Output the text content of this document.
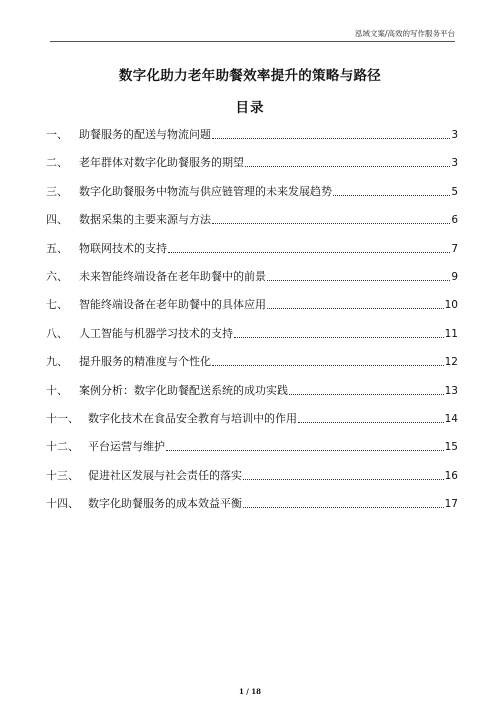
泓域文案/高效的写作服务平台
数字化助力老年助餐效率提升的策略与路径
目录
一、	助餐服务的配送与物流问题	3
二、	老年群体对数字化助餐服务的期望	3
三、	数字化助餐服务中物流与供应链管理的未来发展趋势	5
四、	数据采集的主要来源与方法	6
五、	物联网技术的支持	7
六、	未来智能终端设备在老年助餐中的前景	9
七、	智能终端设备在老年助餐中的具体应用	10
八、	人工智能与机器学习技术的支持	11
九、	提升服务的精准度与个性化	12
十、	案例分析：数字化助餐配送系统的成功实践	13
十一、 数字化技术在食品安全教育与培训中的作用	14
十二、 平台运营与维护	15
十三、 促进社区发展与社会责任的落实	16
十四、 数字化助餐服务的成本效益平衡	17
1 / 18
